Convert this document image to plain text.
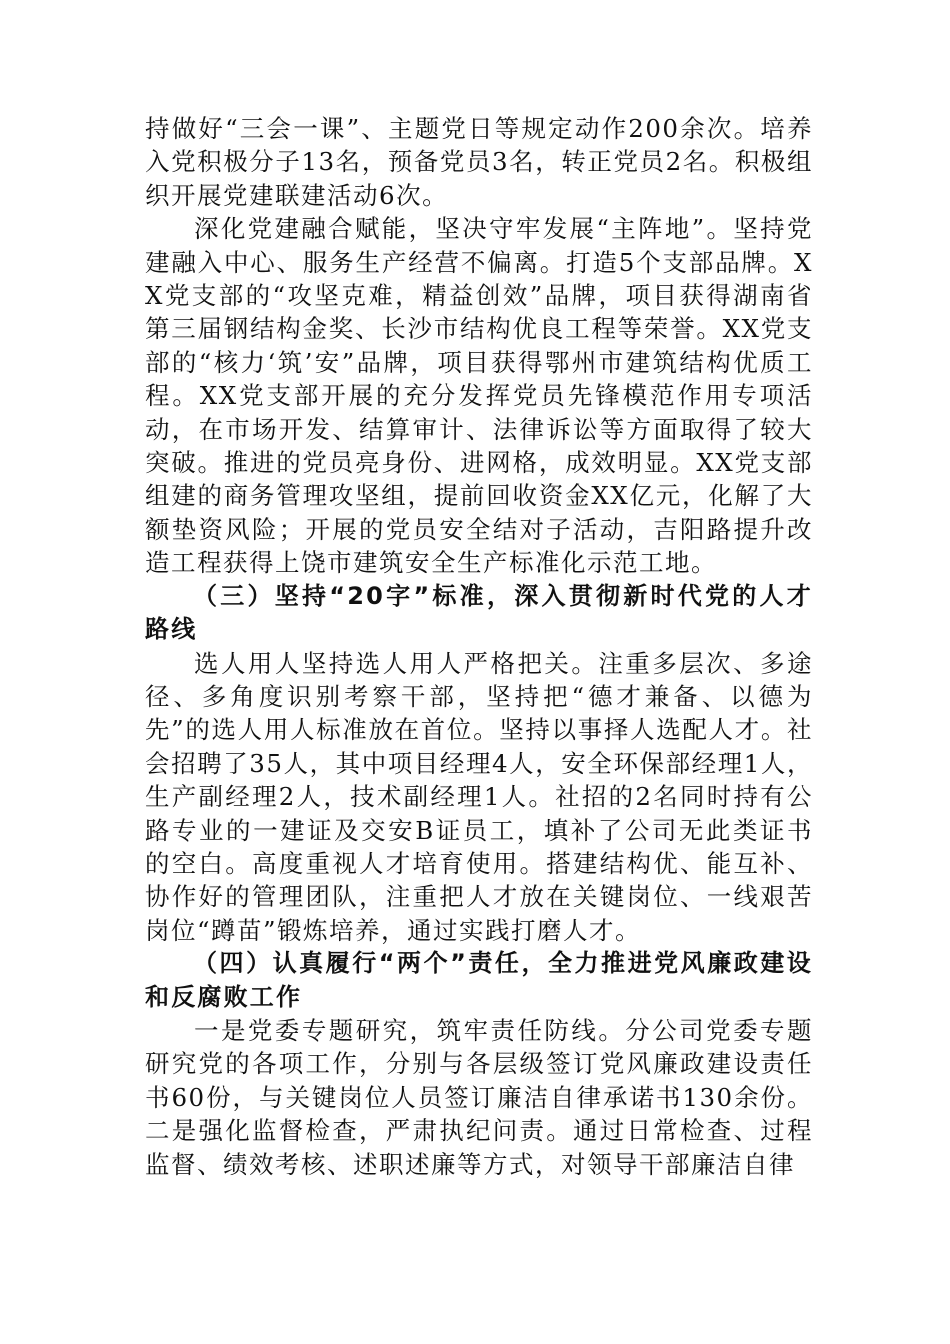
持做好“三会一课”、主题党日等规定动作200余次。培养入党积极分子13名，预备党员3名，转正党员2名。积极组织开展党建联建活动6次。

深化党建融合赋能，坚决守牢发展“主阵地”。坚持党建融入中心、服务生产经营不偏离。打造5个支部品牌。XX党支部的“攻坚克难，精益创效”品牌，项目获得湖南省第三届钢结构金奖、长沙市结构优良工程等荣誉。XX党支部的“核力‘筑’安”品牌，项目获得鄂州市建筑结构优质工程。XX党支部开展的充分发挥党员先锋模范作用专项活动，在市场开发、结算审计、法律诉讼等方面取得了较大突破。推进的党员亮身份、进网格，成效明显。XX党支部组建的商务管理攻坚组，提前回收资金XX亿元，化解了大额垫资风险；开展的党员安全结对子活动，吉阳路提升改造工程获得上饶市建筑安全生产标准化示范工地。

（三）坚持“20字”标准，深入贯彻新时代党的人才路线

选人用人坚持选人用人严格把关。注重多层次、多途径、多角度识别考察干部，坚持把“德才兼备、以德为先”的选人用人标准放在首位。坚持以事择人选配人才。社会招聘了35人，其中项目经理4人，安全环保部经理1人，生产副经理2人，技术副经理1人。社招的2名同时持有公路专业的一建证及交安B证员工，填补了公司无此类证书的空白。高度重视人才培育使用。搭建结构优、能互补、协作好的管理团队，注重把人才放在关键岗位、一线艰苦岗位“蹲苗”锻炼培养，通过实践打磨人才。

（四）认真履行“两个”责任，全力推进党风廉政建设和反腐败工作

一是党委专题研究，筑牢责任防线。分公司党委专题研究党的各项工作，分别与各层级签订党风廉政建设责任书60份，与关键岗位人员签订廉洁自律承诺书130余份。二是强化监督检查，严肃执纪问责。通过日常检查、过程监督、绩效考核、述职述廉等方式，对领导干部廉洁自律
